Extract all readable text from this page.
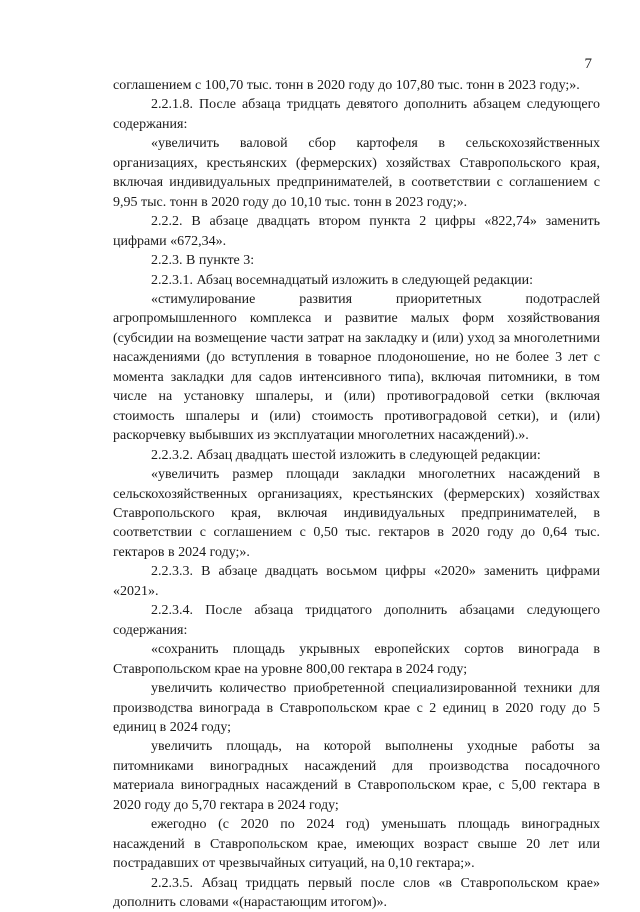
7

соглашением с 100,70 тыс. тонн в 2020 году до 107,80 тыс. тонн в 2023 году;».

2.2.1.8. После абзаца тридцать девятого дополнить абзацем следующего содержания:

«увеличить валовой сбор картофеля в сельскохозяйственных организациях, крестьянских (фермерских) хозяйствах Ставропольского края, включая индивидуальных предпринимателей, в соответствии с соглашением с 9,95 тыс. тонн в 2020 году до 10,10 тыс. тонн в 2023 году;».

2.2.2. В абзаце двадцать втором пункта 2 цифры «822,74» заменить цифрами «672,34».

2.2.3. В пункте 3:

2.2.3.1. Абзац восемнадцатый изложить в следующей редакции:

«стимулирование развития приоритетных подотраслей агропромышленного комплекса и развитие малых форм хозяйствования (субсидии на возмещение части затрат на закладку и (или) уход за многолетними насаждениями (до вступления в товарное плодоношение, но не более 3 лет с момента закладки для садов интенсивного типа), включая питомники, в том числе на установку шпалеры, и (или) противоградовой сетки (включая стоимость шпалеры и (или) стоимость противоградовой сетки), и (или) раскорчевку выбывших из эксплуатации многолетних насаждений).».

2.2.3.2. Абзац двадцать шестой изложить в следующей редакции:

«увеличить размер площади закладки многолетних насаждений в сельскохозяйственных организациях, крестьянских (фермерских) хозяйствах Ставропольского края, включая индивидуальных предпринимателей, в соответствии с соглашением с 0,50 тыс. гектаров в 2020 году до 0,64 тыс. гектаров в 2024 году;».

2.2.3.3. В абзаце двадцать восьмом цифры «2020» заменить цифрами «2021».

2.2.3.4. После абзаца тридцатого дополнить абзацами следующего содержания:

«сохранить площадь укрывных европейских сортов винограда в Ставропольском крае на уровне 800,00 гектара в 2024 году;

увеличить количество приобретенной специализированной техники для производства винограда в Ставропольском крае с 2 единиц в 2020 году до 5 единиц в 2024 году;

увеличить площадь, на которой выполнены уходные работы за питомниками виноградных насаждений для производства посадочного материала виноградных насаждений в Ставропольском крае, с 5,00 гектара в 2020 году до 5,70 гектара в 2024 году;

ежегодно (с 2020 по 2024 год) уменьшать площадь виноградных насаждений в Ставропольском крае, имеющих возраст свыше 20 лет или пострадавших от чрезвычайных ситуаций, на 0,10 гектара;».

2.2.3.5. Абзац тридцать первый после слов «в Ставропольском крае» дополнить словами «(нарастающим итогом)».
